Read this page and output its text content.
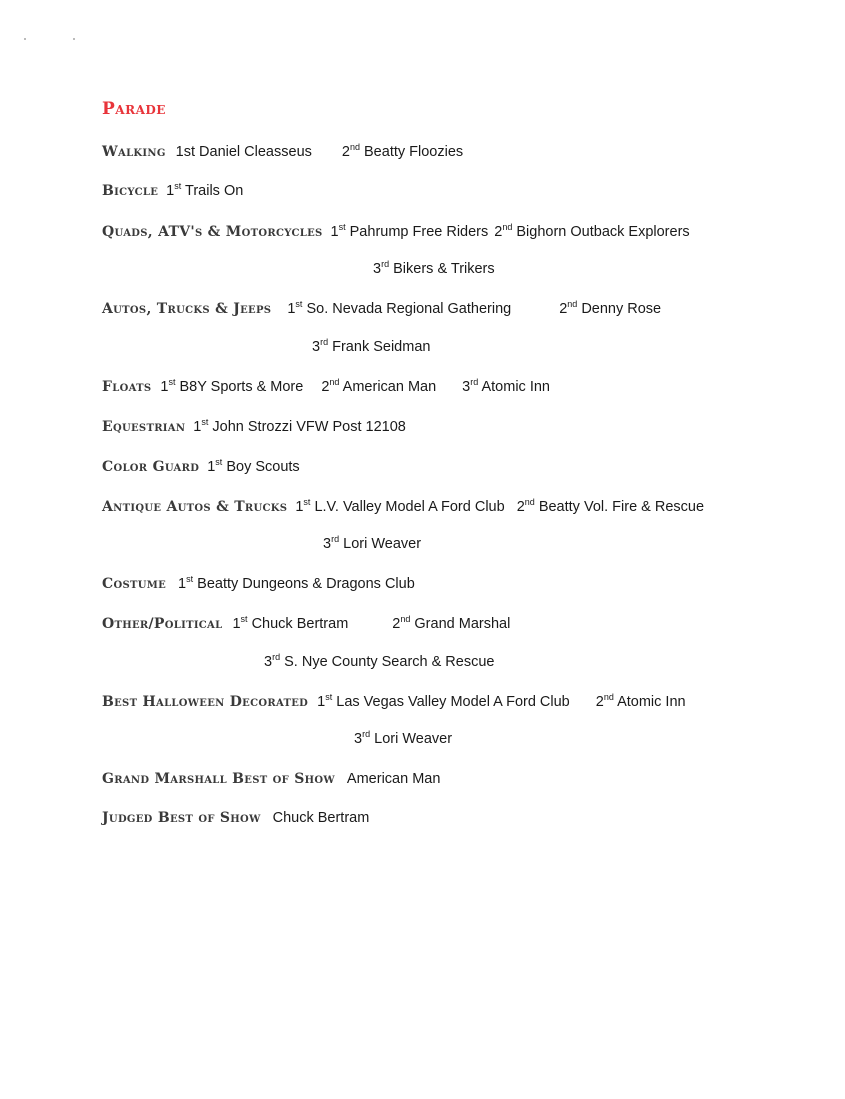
Parade
Walking 1st Daniel Cleasseus 2nd Beatty Floozies
Bicycle 1st Trails On
Quads, ATV's & Motorcycles 1st Pahrump Free Riders 2nd Bighorn Outback Explorers
3rd Bikers & Trikers
Autos, Trucks & Jeeps 1st So. Nevada Regional Gathering	2nd Denny Rose
3rd Frank Seidman
Floats 1st B8Y Sports & More 2nd American Man 3rd Atomic Inn
Equestrian 1st John Strozzi VFW Post 12108
Color Guard 1st Boy Scouts
Antique Autos & Trucks 1st L.V. Valley Model A Ford Club 2nd Beatty Vol. Fire & Rescue
3rd Lori Weaver
Costume 1st Beatty Dungeons & Dragons Club
Other/Political 1st Chuck Bertram	2nd Grand Marshal
3rd S. Nye County Search & Rescue
Best Halloween Decorated 1st Las Vegas Valley Model A Ford Club 2nd Atomic Inn
3rd Lori Weaver
Grand Marshall Best of Show American Man
Judged Best of Show Chuck Bertram
